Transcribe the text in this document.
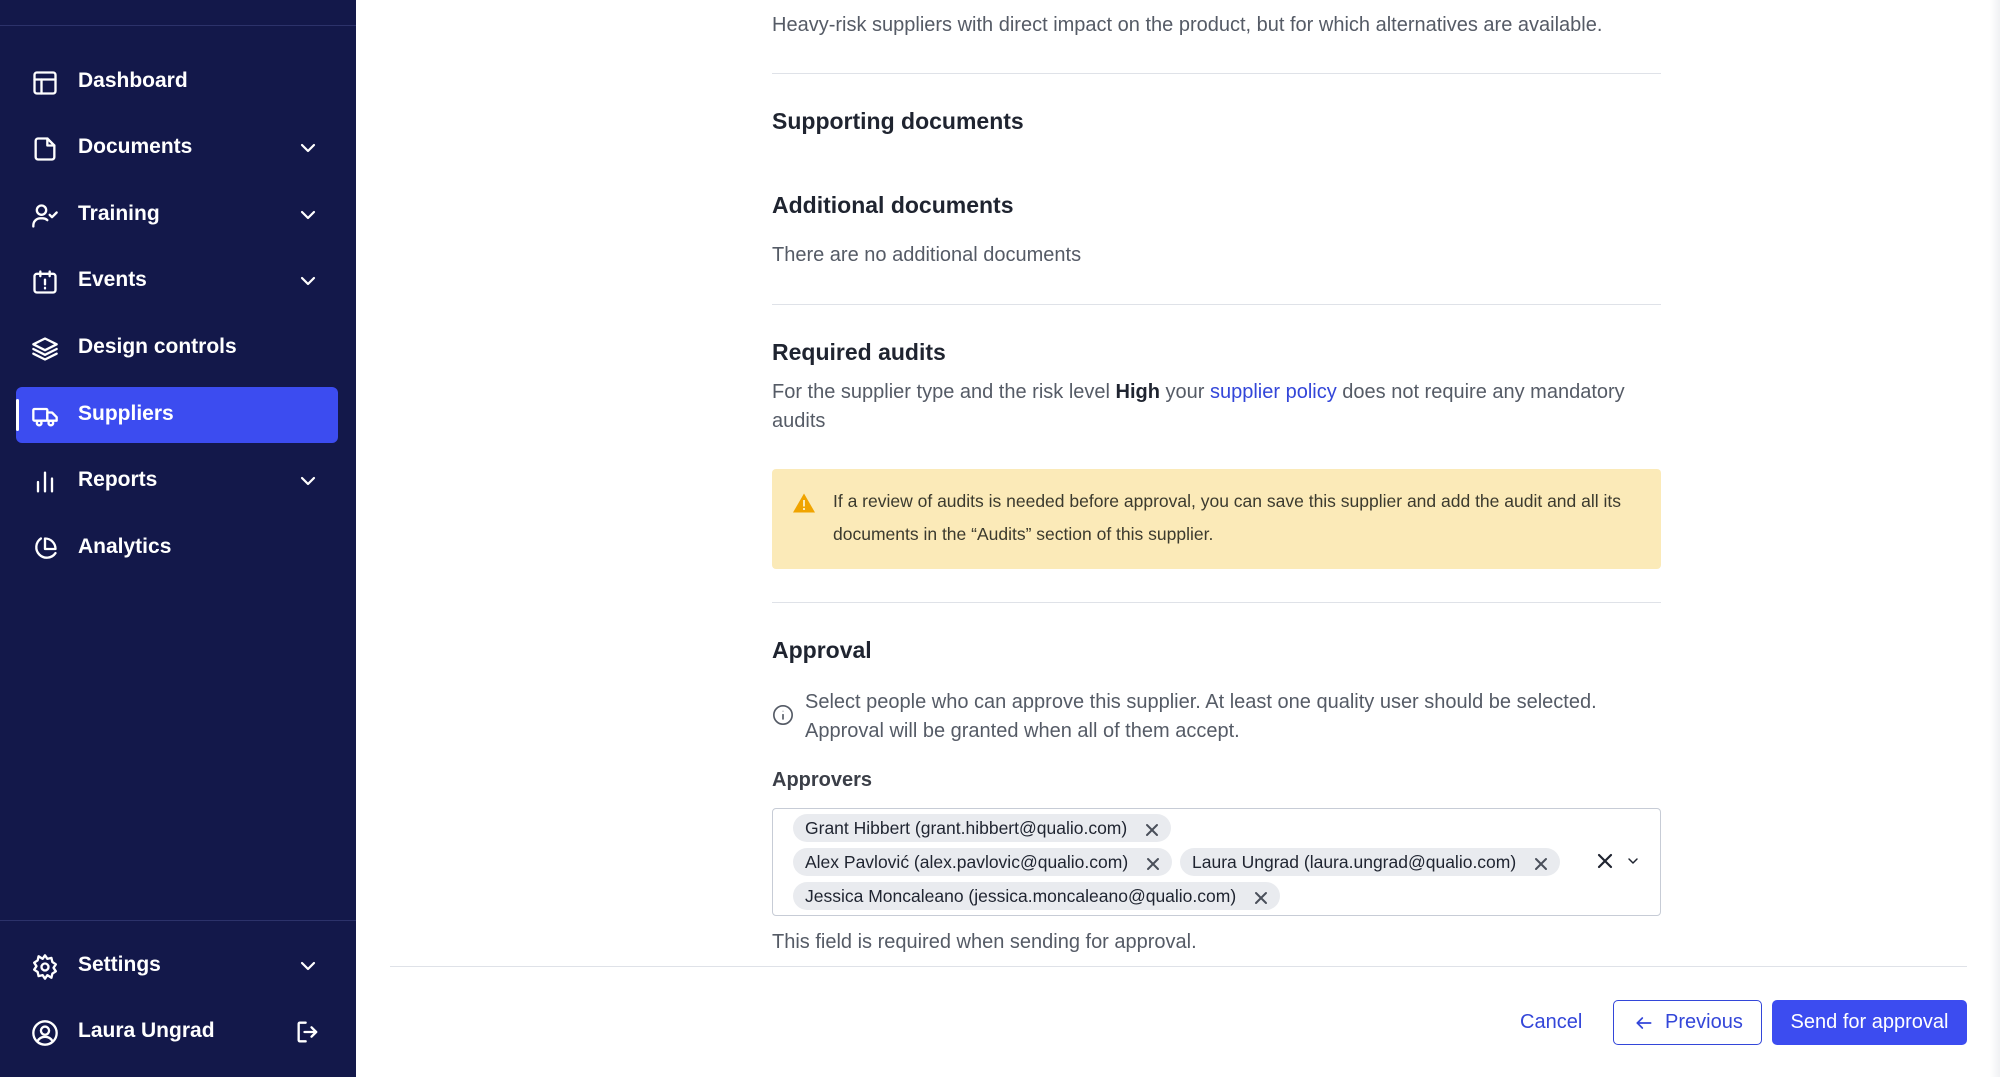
Dashboard
Documents
Training
Events
Design controls
Suppliers
Reports
Analytics
Settings
Laura Ungrad
Heavy-risk suppliers with direct impact on the product, but for which alternatives are available.
Supporting documents
Additional documents
There are no additional documents
Required audits
For the supplier type and the risk level High your supplier policy does not require any mandatory audits
If a review of audits is needed before approval, you can save this supplier and add the audit and all its documents in the “Audits” section of this supplier.
Approval
Select people who can approve this supplier. At least one quality user should be selected. Approval will be granted when all of them accept.
Approvers
Grant Hibbert (grant.hibbert@qualio.com)
Alex Pavlović (alex.pavlovic@qualio.com)	Laura Ungrad (laura.ungrad@qualio.com)
Jessica Moncaleano (jessica.moncaleano@qualio.com)
This field is required when sending for approval.
Cancel	Previous	Send for approval
